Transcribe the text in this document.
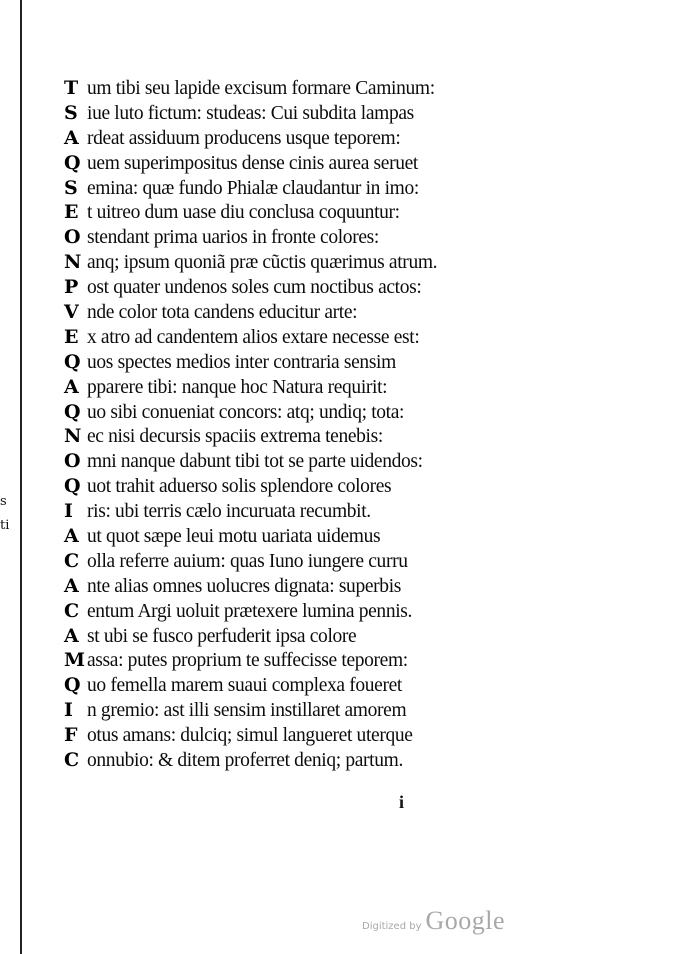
s
ti
T um tibi seu lapide excisum formare Caminum:
S iue luto fictum: studeas: Cui subdita lampas
A rdeat assiduum producens usque teporem:
Q uem superimpositus dense cinis aurea seruet
S emina: quæ fundo Phialæ claudantur in imo:
E t uitreo dum uase diu conclusa coquuntur:
O stendant prima uarios in fronte colores:
N anq; ipsum quoniã præ cũctis quærimus atrum.
P ost quater undenos soles cum noctibus actos:
V nde color tota candens educitur arte:
E x atro ad candentem alios extare necesse est:
Q uos spectes medios inter contraria sensim
A pparere tibi: nanque hoc Natura requirit:
Q uo sibi conueniat concors: atq; undiq; tota:
N ec nisi decursis spaciis extrema tenebis:
O mni nanque dabunt tibi tot se parte uidendos:
Q uot trahit aduerso solis splendore colores
I ris: ubi terris cælo incuruata recumbit.
A ut quot sæpe leui motu uariata uidemus
C olla referre auium: quas Iuno iungere curru
A nte alias omnes uolucres dignata: superbis
C entum Argi uoluit prætexere lumina pennis.
A st ubi se fusco perfuderit ipsa colore
M assa: putes proprium te suffecisse teporem:
Q uo femella marem suaui complexa foueret
I n gremio: ast illi sensim instillaret amorem
F otus amans: dulciq; simul langueret uterque
C onnubio: & ditem proferret deniq; partum.
i
Digitized by Google
